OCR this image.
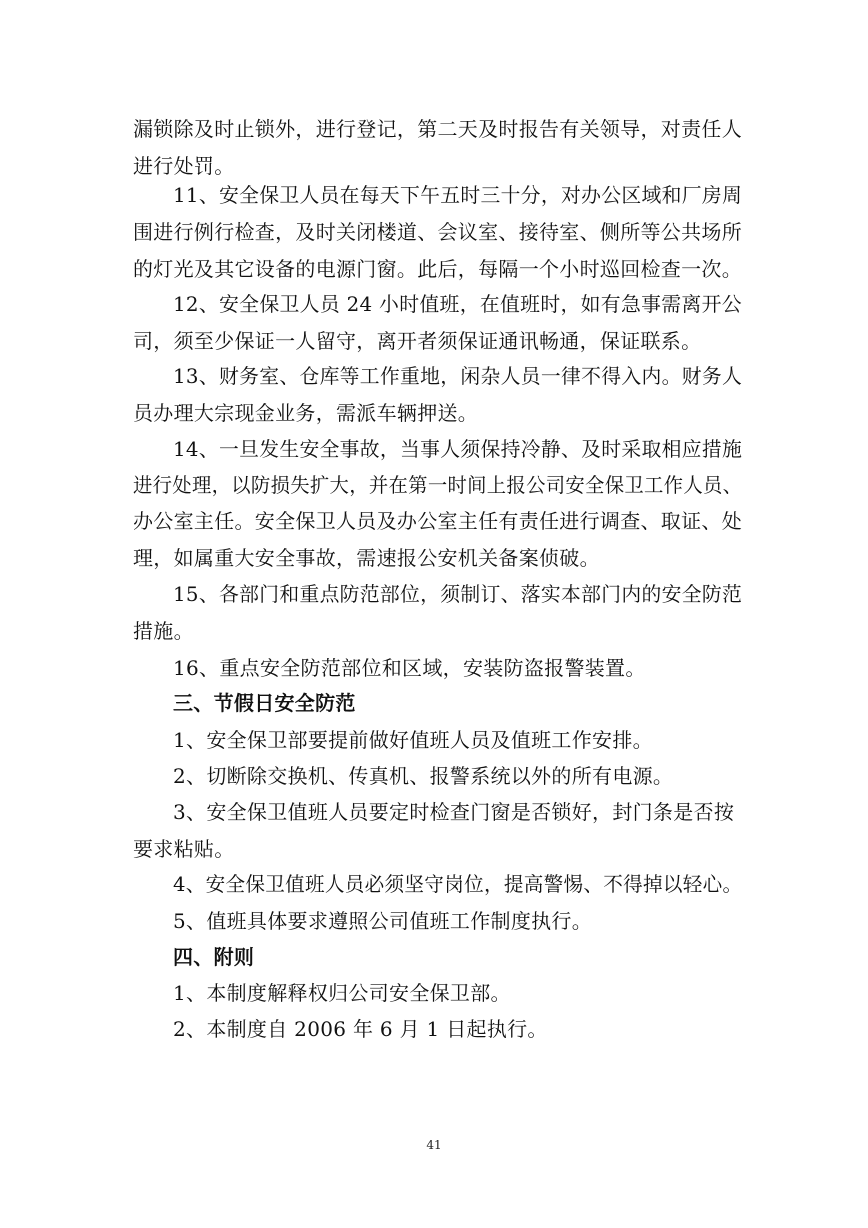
漏锁除及时止锁外，进行登记，第二天及时报告有关领导，对责任人
进行处罚。
11、安全保卫人员在每天下午五时三十分，对办公区域和厂房周
围进行例行检查，及时关闭楼道、会议室、接待室、侧所等公共场所
的灯光及其它设备的电源门窗。此后，每隔一个小时巡回检查一次。
12、安全保卫人员 24 小时值班，在值班时，如有急事需离开公
司，须至少保证一人留守，离开者须保证通讯畅通，保证联系。
13、财务室、仓库等工作重地，闲杂人员一律不得入内。财务人
员办理大宗现金业务，需派车辆押送。
14、一旦发生安全事故，当事人须保持冷静、及时采取相应措施
进行处理，以防损失扩大，并在第一时间上报公司安全保卫工作人员、
办公室主任。安全保卫人员及办公室主任有责任进行调查、取证、处
理，如属重大安全事故，需速报公安机关备案侦破。
15、各部门和重点防范部位，须制订、落实本部门内的安全防范
措施。
16、重点安全防范部位和区域，安装防盗报警装置。
三、节假日安全防范
1、安全保卫部要提前做好值班人员及值班工作安排。
2、切断除交换机、传真机、报警系统以外的所有电源。
3、安全保卫值班人员要定时检查门窗是否锁好，封门条是否按
要求粘贴。
4、安全保卫值班人员必须坚守岗位，提高警惕、不得掉以轻心。
5、值班具体要求遵照公司值班工作制度执行。
四、附则
1、本制度解释权归公司安全保卫部。
2、本制度自 2006 年 6 月 1 日起执行。
41
